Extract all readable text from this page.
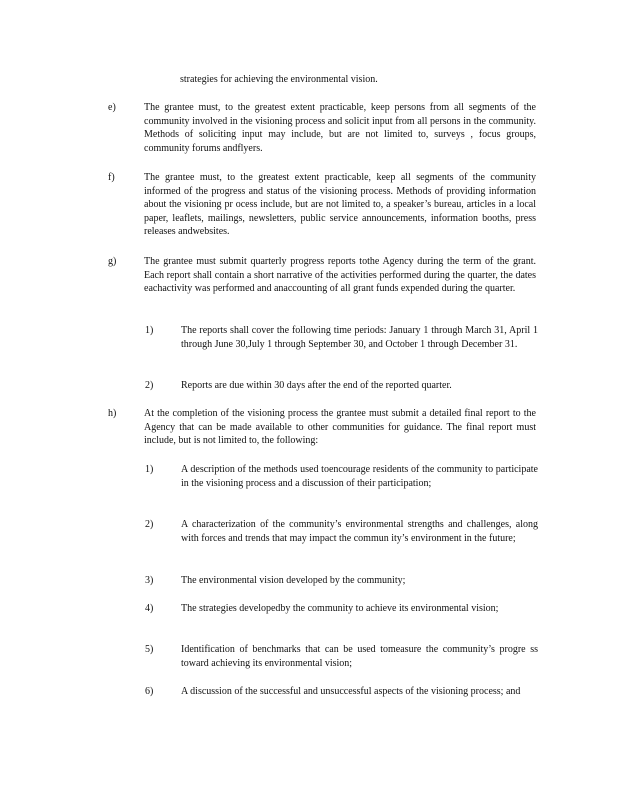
strategies for achieving the environmental vision.
e)	The grantee must, to the greatest extent practicable, keep persons from all segments of the community involved in the visioning process and solicit input from all persons in the community. Methods of soliciting input may include, but are not limited to, surveys , focus groups, community forums andflyers.
f)	The grantee must, to the greatest extent practicable, keep all segments of the community informed of the progress and status of the visioning process. Methods of providing information about the visioning pr ocess include, but are not limited to, a speaker’s bureau, articles in a local paper, leaflets, mailings, newsletters, public service announcements, information booths, press releases andwebsites.
g)	The grantee must submit quarterly progress reports tothe Agency during the term of the grant. Each report shall contain a short narrative of the activities performed during the quarter, the dates eachactivity was performed and anaccounting of all grant funds expended during the quarter.
1)	The reports shall cover the following time periods: January 1 through March 31, April 1 through June 30,July 1 through September 30, and October 1 through December 31.
2)	Reports are due within 30 days after the end of the reported quarter.
h)	At the completion of the visioning process the grantee must submit a detailed final report to the Agency that can be made available to other communities for guidance. The final report must include, but is not limited to, the following:
1)	A description of the methods used toencourage residents of the community to participate in the visioning process and a discussion of their participation;
2)	A characterization of the community’s environmental strengths and challenges, along with forces and trends that may impact the commun ity’s environment in the future;
3)	The environmental vision developed by the community;
4)	The strategies developedby the community to achieve its environmental vision;
5)	Identification of benchmarks that can be used tomeasure the community’s progre ss toward achieving its environmental vision;
6)	A discussion of the successful and unsuccessful aspects of the visioning process; and
